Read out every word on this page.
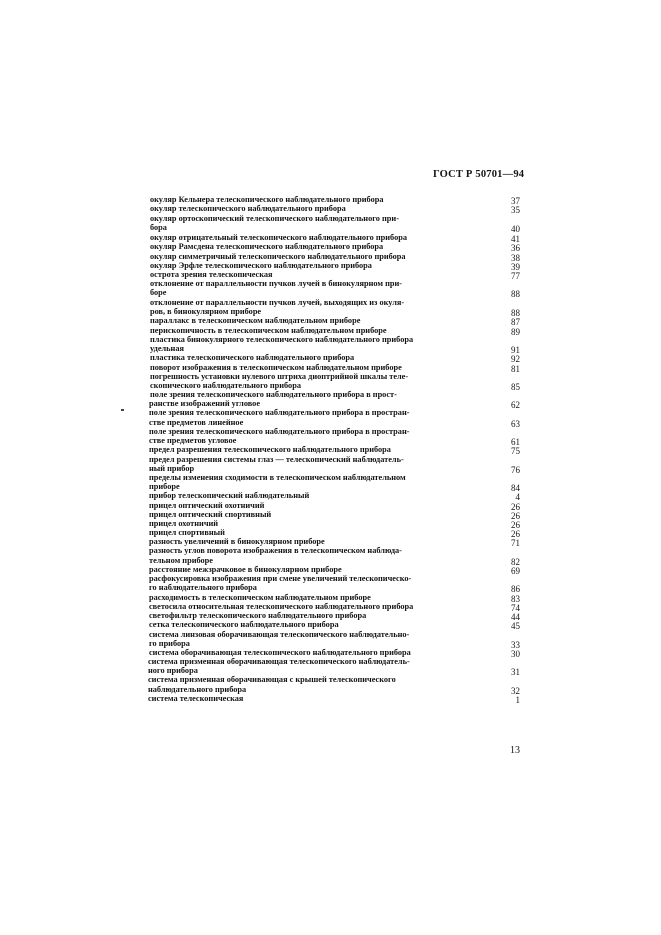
ГОСТ Р 50701—94
окуляр Кельнера телескопического наблюдательного прибора	37
окуляр телескопического наблюдательного прибора	35
окуляр ортоскопический телескопического наблюдательного при-
бора	40
окуляр отрицательный телескопического наблюдательного прибора	41
окуляр Рамсдена телескопического наблюдательного прибора	36
окуляр симметричный телескопического наблюдательного прибора	38
окуляр Эрфле телескопического наблюдательного прибора	39
острота зрения телескопическая	77
отклонение от параллельности пучков лучей в бинокулярном при-
боре	88
отклонение от параллельности пучков лучей, выходящих из окуля-
ров, в бинокулярном приборе	88
параллакс в телескопическом наблюдательном приборе	87
перископичность в телескопическом наблюдательном приборе	89
пластика бинокулярного телескопического наблюдательного прибора
удельная	91
пластика телескопического наблюдательного прибора	92
поворот изображения в телескопическом наблюдательном приборе	81
погрешность установки нулевого штриха диоптрийной шкалы теле-
скопического наблюдательного прибора	85
поле зрения телескопического наблюдательного прибора в прост-
ранстве изображений угловое	62
поле зрения телескопического наблюдательного прибора в простран-
стве предметов линейное	63
поле зрения телескопического наблюдательного прибора в простран-
стве предметов угловое	61
предел разрешения телескопического наблюдательного прибора	75
предел разрешения системы глаз — телескопический наблюдатель-
ный прибор	76
пределы изменения сходимости в телескопическом наблюдательном
приборе	84
прибор телескопический наблюдательный	4
прицел оптический охотничий	26
прицел оптический спортивный	26
прицел охотничий	26
прицел спортивный	26
разность увеличений в бинокулярном приборе	71
разность углов поворота изображения в телескопическом наблюда-
тельном приборе	82
расстояние межзрачковое в бинокулярном приборе	69
расфокусировка изображения при смене увеличений телескопическо-
го наблюдательного прибора	86
расходимость в телескопическом наблюдательном приборе	83
светосила относительная телескопического наблюдательного прибора	74
светофильтр телескопического наблюдательного прибора	44
сетка телескопического наблюдательного прибора	45
система линзовая оборачивающая телескопического наблюдательно-
го прибора	33
система оборачивающая телескопического наблюдательного прибора	30
система призменная оборачивающая телескопического наблюдатель-
ного прибора	31
система призменная оборачивающая с крышей телескопического
наблюдательного прибора	32
система телескопическая	1
13
